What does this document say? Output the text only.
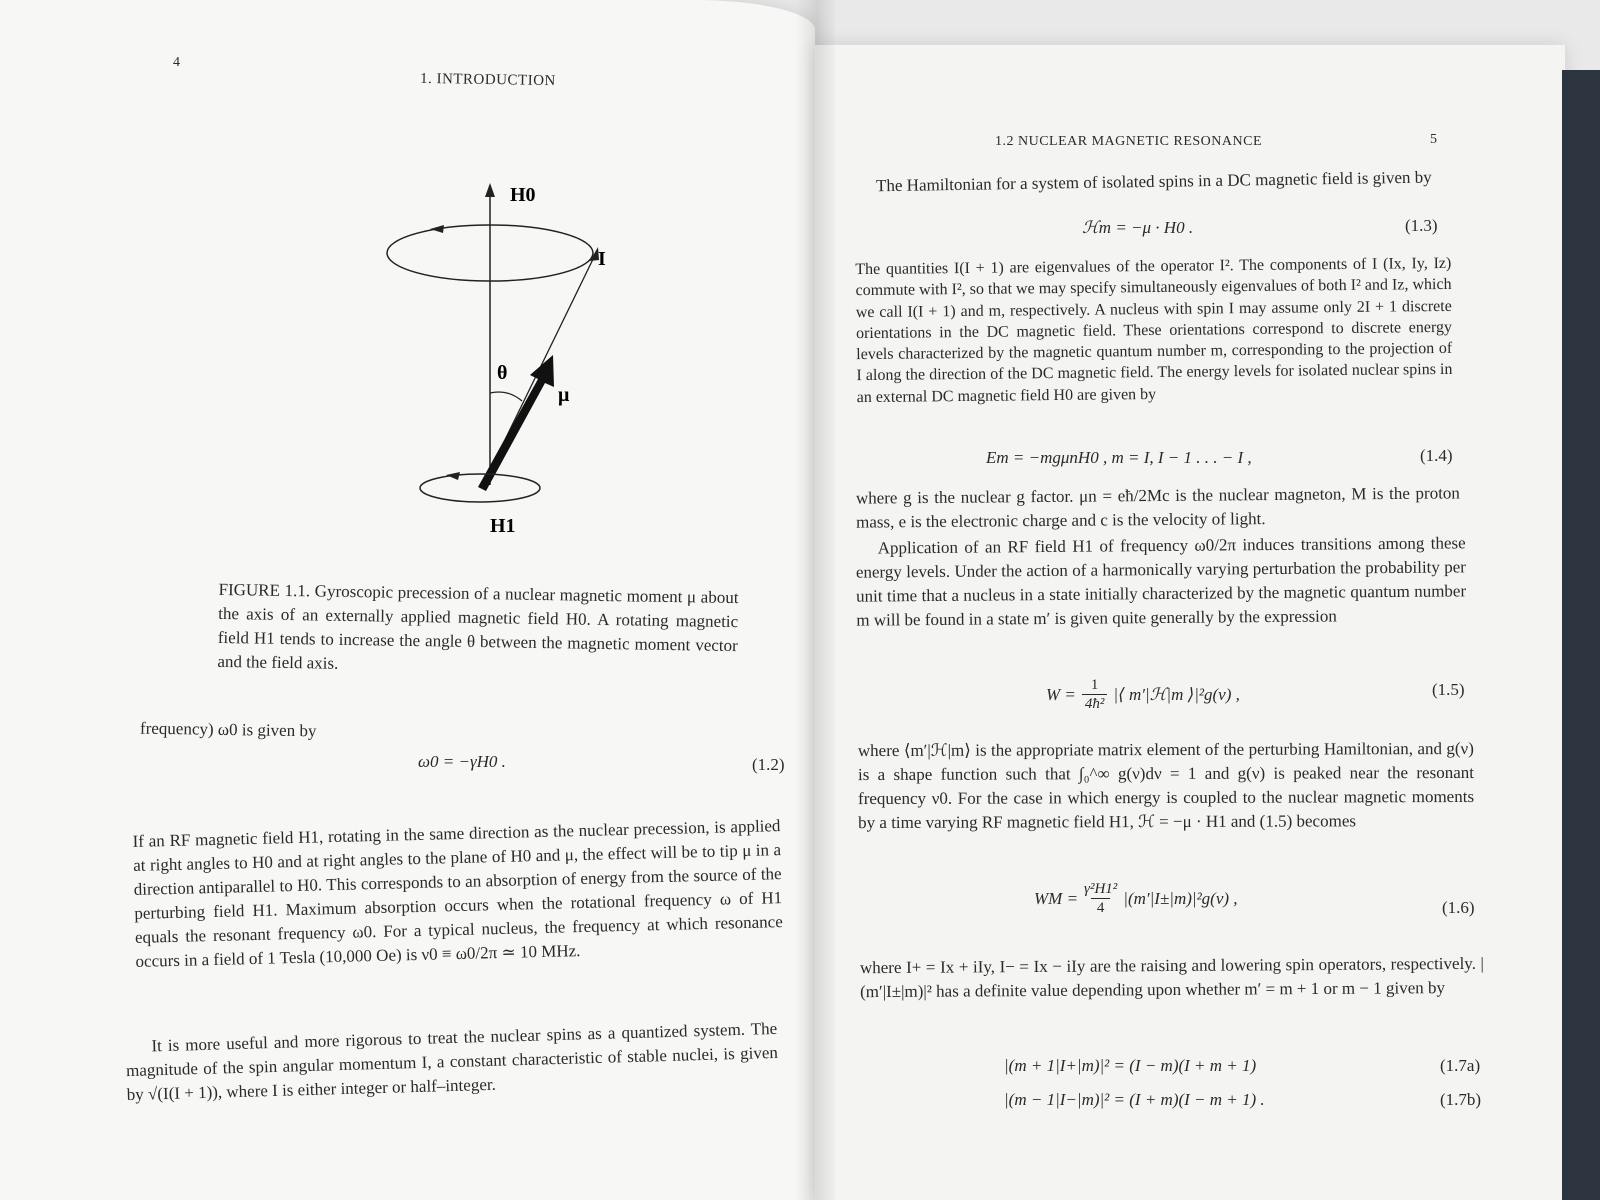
4
1. INTRODUCTION
H0
I
θ
μ
H1
FIGURE 1.1. Gyroscopic precession of a nuclear magnetic moment μ about the axis of an externally applied magnetic field H0. A rotating magnetic field H1 tends to increase the angle θ between the magnetic moment vector and the field axis.
frequency) ω0 is given by
ω0 = −γH0 .	(1.2)
If an RF magnetic field H1, rotating in the same direction as the nuclear precession, is applied at right angles to H0 and at right angles to the plane of H0 and μ, the effect will be to tip μ in a direction antiparallel to H0. This corresponds to an absorption of energy from the source of the perturbing field H1. Maximum absorption occurs when the rotational frequency ω of H1 equals the resonant frequency ω0. For a typical nucleus, the frequency at which resonance occurs in a field of 1 Tesla (10,000 Oe) is ν0 ≡ ω0/2π ≃ 10 MHz.
It is more useful and more rigorous to treat the nuclear spins as a quantized system. The magnitude of the spin angular momentum I, a constant characteristic of stable nuclei, is given by √(I(I + 1)), where I is either integer or half–integer.
1.2 NUCLEAR MAGNETIC RESONANCE	5
The Hamiltonian for a system of isolated spins in a DC magnetic field is given by
ℋm = −μ · H0 .	(1.3)
The quantities I(I + 1) are eigenvalues of the operator I². The components of I (Ix, Iy, Iz) commute with I², so that we may specify simultaneously eigenvalues of both I² and Iz, which we call I(I + 1) and m, respectively. A nucleus with spin I may assume only 2I + 1 discrete orientations in the DC magnetic field. These orientations correspond to discrete energy levels characterized by the magnetic quantum number m, corresponding to the projection of I along the direction of the DC magnetic field. The energy levels for isolated nuclear spins in an external DC magnetic field H0 are given by
Em = −mgμnH0 , m = I, I − 1 . . . − I ,	(1.4)
where g is the nuclear g factor. μn = eħ/2Mc is the nuclear magneton, M is the proton mass, e is the electronic charge and c is the velocity of light.
Application of an RF field H1 of frequency ω0/2π induces transitions among these energy levels. Under the action of a harmonically varying perturbation the probability per unit time that a nucleus in a state initially characterized by the magnetic quantum number m will be found in a state m′ is given quite generally by the expression
$W = \frac{1}{\text{4ħ²}}$ |⟨ m′|ℋ|m ⟩|²g(ν) ,	(1.5)
where ⟨m′|ℋ|m⟩ is the appropriate matrix element of the perturbing Hamiltonian, and g(ν) is a shape function such that ∫₀^∞ g(ν)dν = 1 and g(ν) is peaked near the resonant frequency ν0. For the case in which energy is coupled to the nuclear magnetic moments by a time varying RF magnetic field H1, ℋ = −μ · H1 and (1.5) becomes
WM = $\frac{\text{γ²H1²}}{4} |(m'|I\pm|m)|^2g(\nu)$ ,	(1.6)
where I+ = Ix + iIy, I− = Ix − iIy are the raising and lowering spin operators, respectively. |(m′|I±|m)|² has a definite value depending upon whether m′ = m + 1 or m − 1 given by
|(m + 1|I+|m)|² = (I − m)(I + m + 1)	(1.7a)
|(m − 1|I−|m)|² = (I + m)(I − m + 1) .	(1.7b)
